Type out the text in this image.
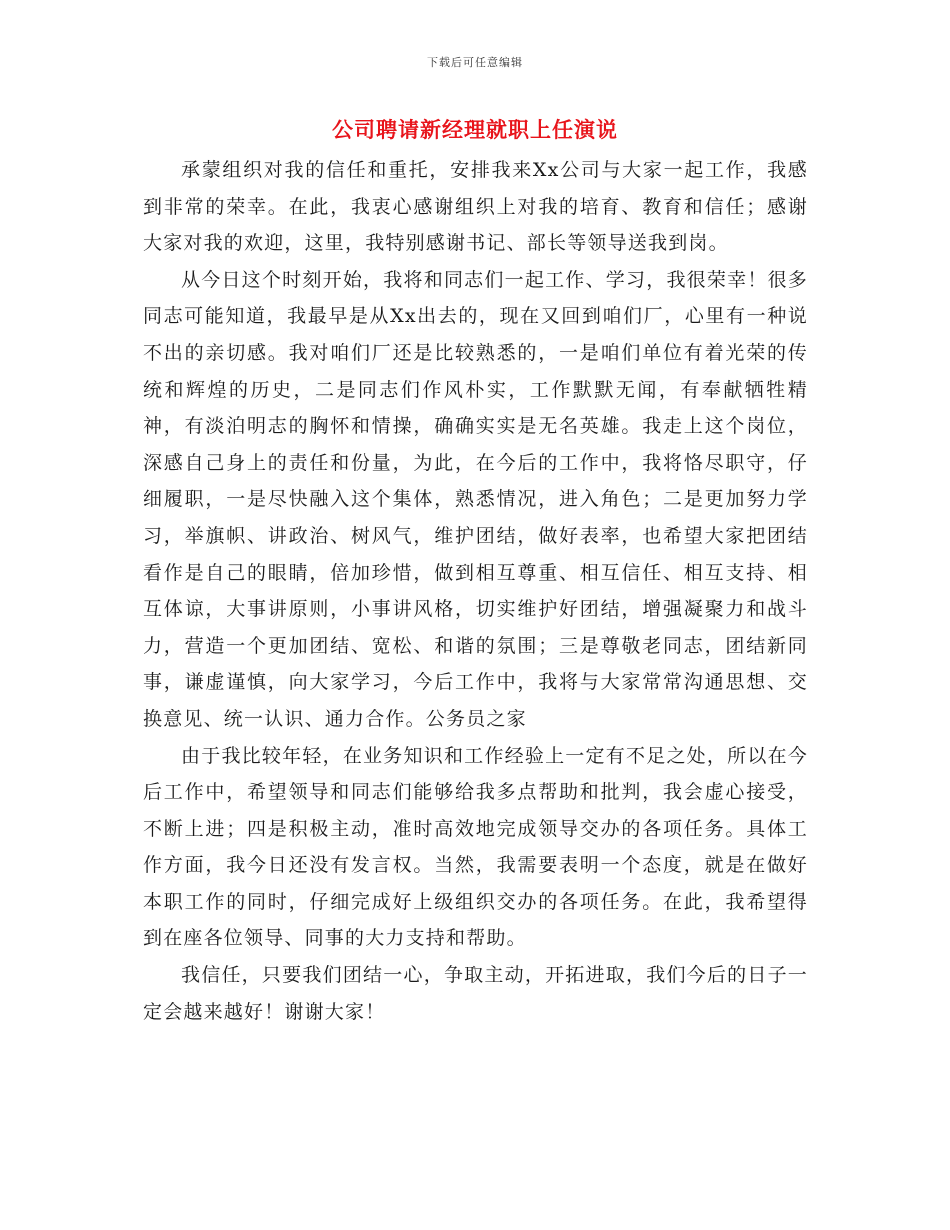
下载后可任意编辑
公司聘请新经理就职上任演说

承蒙组织对我的信任和重托，安排我来Xx公司与大家一起工作，我感到非常的荣幸。在此，我衷心感谢组织上对我的培育、教育和信任；感谢大家对我的欢迎，这里，我特别感谢书记、部长等领导送我到岗。

从今日这个时刻开始，我将和同志们一起工作、学习，我很荣幸！很多同志可能知道，我最早是从Xx出去的，现在又回到咱们厂，心里有一种说不出的亲切感。我对咱们厂还是比较熟悉的，一是咱们单位有着光荣的传统和辉煌的历史，二是同志们作风朴实，工作默默无闻，有奉献牺牲精神，有淡泊明志的胸怀和情操，确确实实是无名英雄。我走上这个岗位，深感自己身上的责任和份量，为此，在今后的工作中，我将恪尽职守，仔细履职，一是尽快融入这个集体，熟悉情况，进入角色；二是更加努力学习，举旗帜、讲政治、树风气，维护团结，做好表率，也希望大家把团结看作是自己的眼睛，倍加珍惜，做到相互尊重、相互信任、相互支持、相互体谅，大事讲原则，小事讲风格，切实维护好团结，增强凝聚力和战斗力，营造一个更加团结、宽松、和谐的氛围；三是尊敬老同志，团结新同事，谦虚谨慎，向大家学习，今后工作中，我将与大家常常沟通思想、交换意见、统一认识、通力合作。公务员之家

由于我比较年轻，在业务知识和工作经验上一定有不足之处，所以在今后工作中，希望领导和同志们能够给我多点帮助和批判，我会虚心接受，不断上进；四是积极主动，准时高效地完成领导交办的各项任务。具体工作方面，我今日还没有发言权。当然，我需要表明一个态度，就是在做好本职工作的同时，仔细完成好上级组织交办的各项任务。在此，我希望得到在座各位领导、同事的大力支持和帮助。

我信任，只要我们团结一心，争取主动，开拓进取，我们今后的日子一定会越来越好！谢谢大家！
